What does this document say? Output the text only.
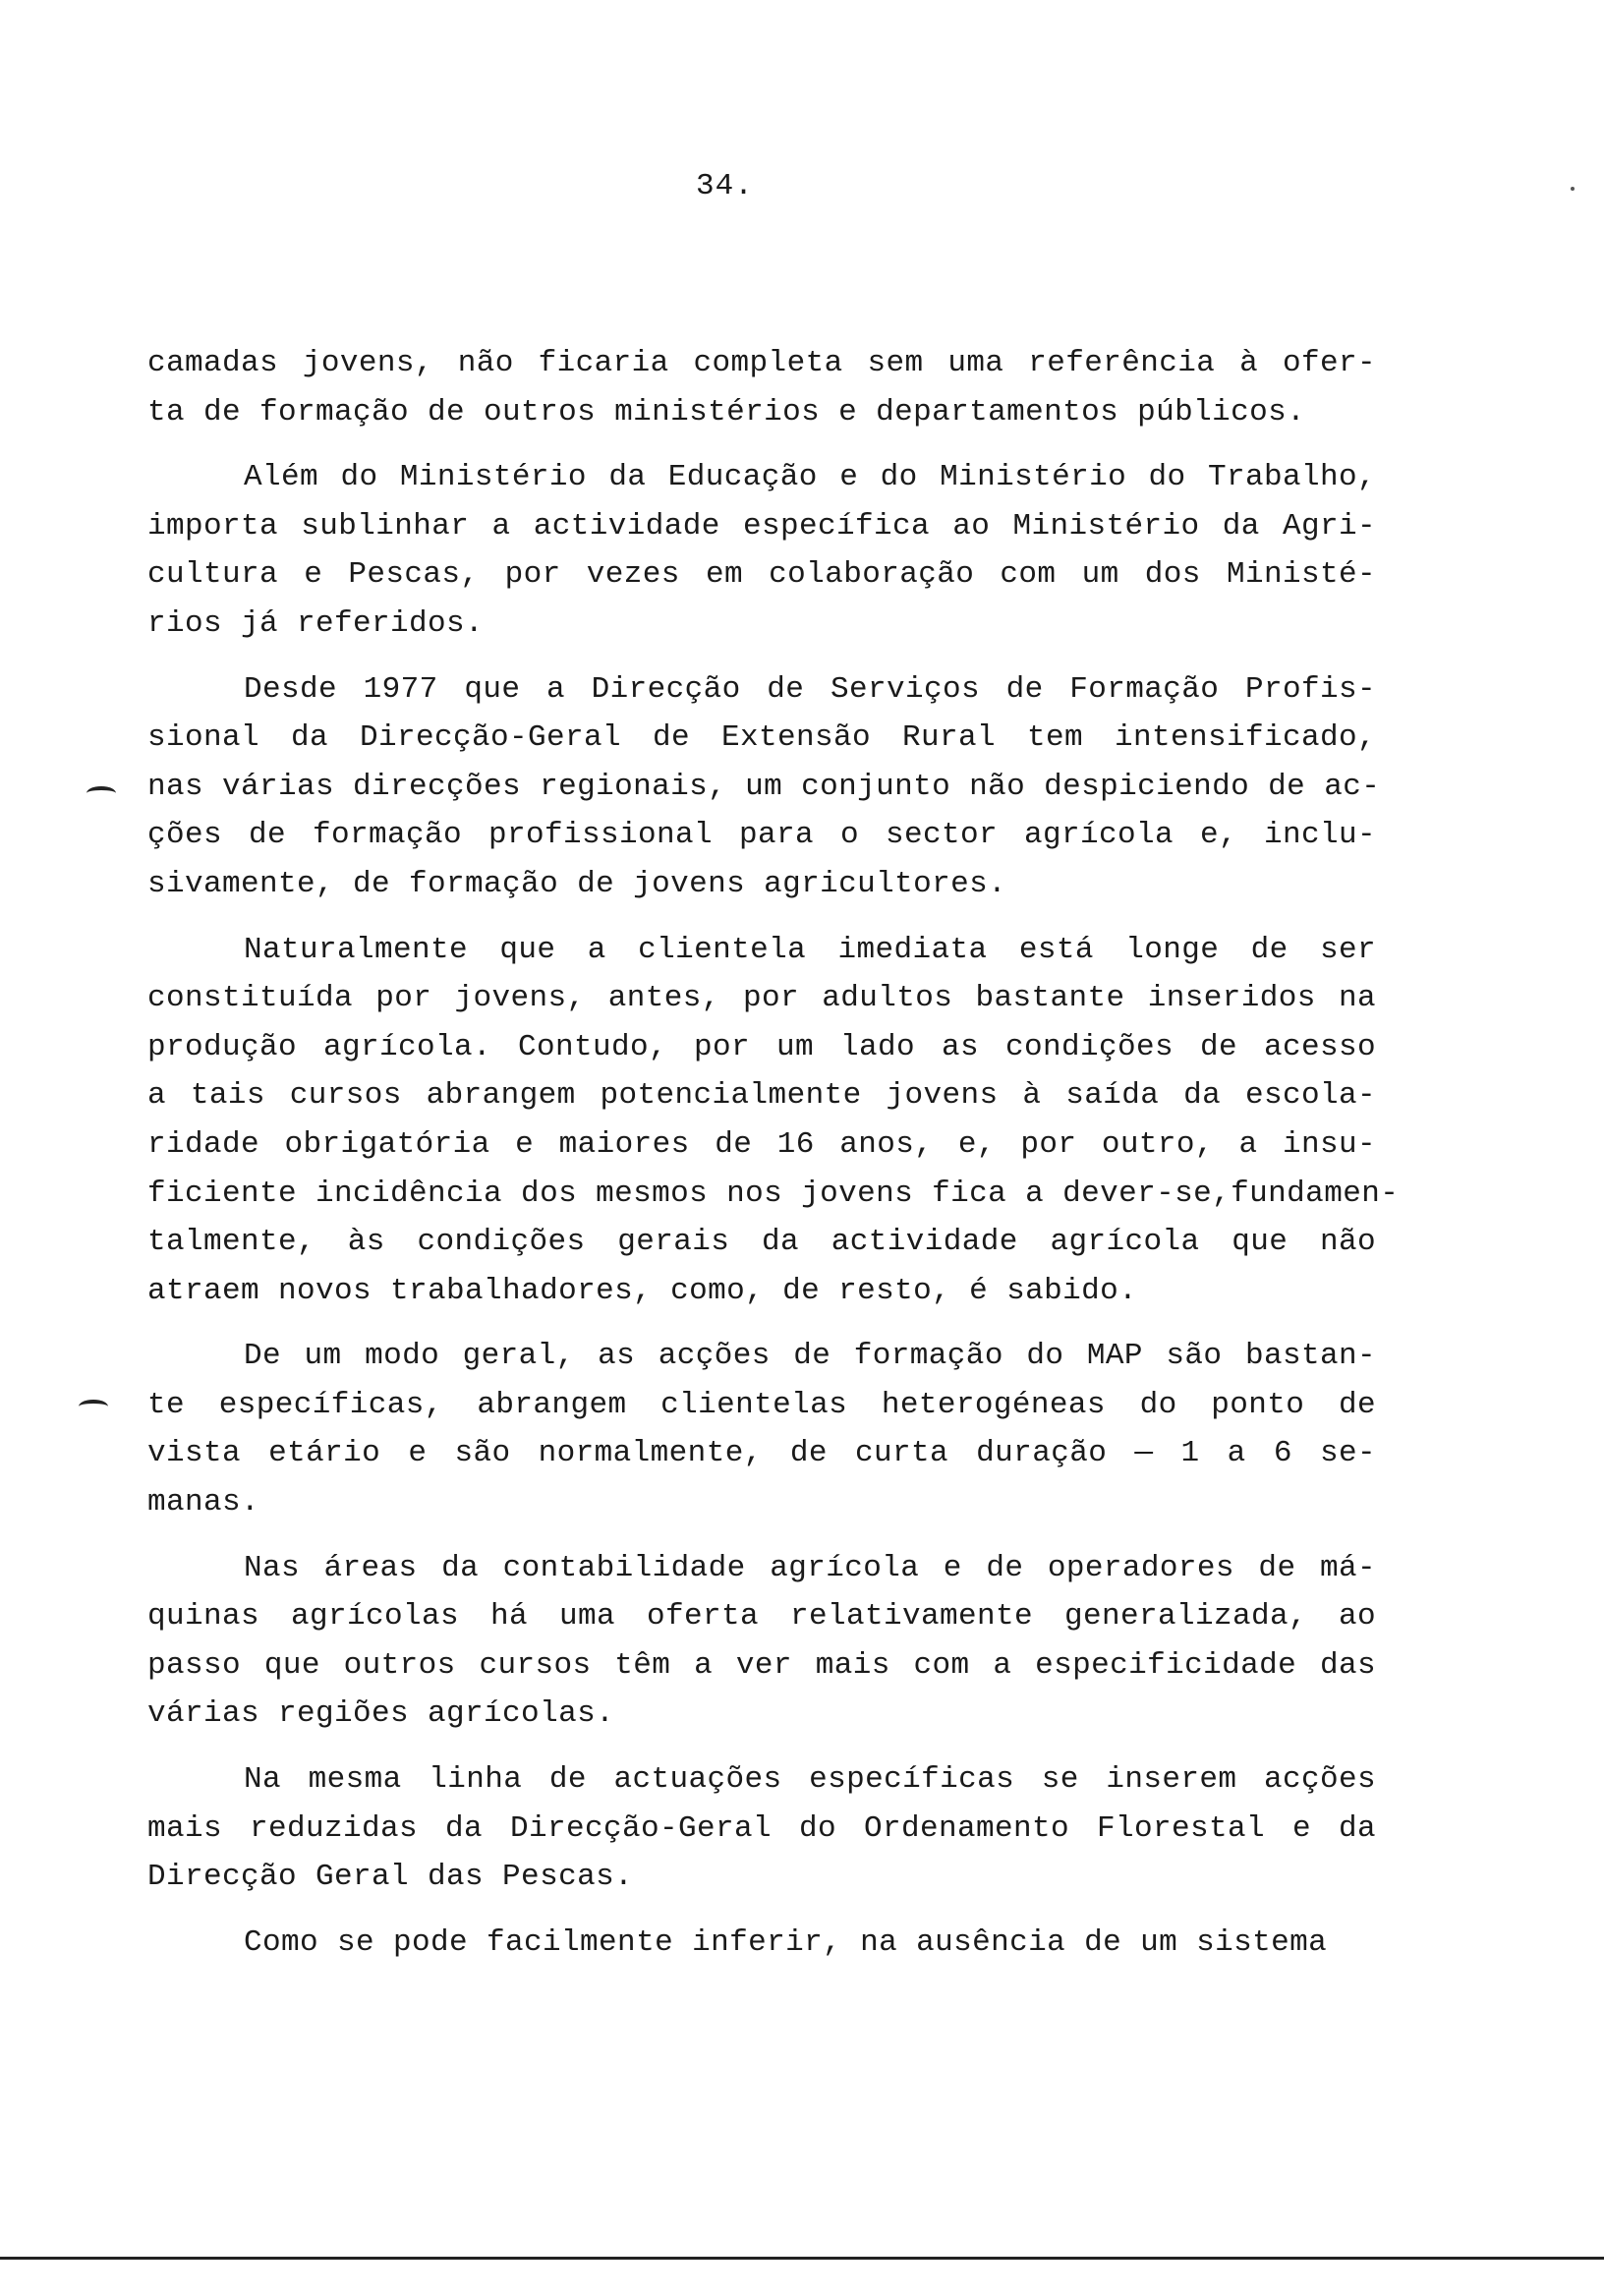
34.
camadas jovens, não ficaria completa sem uma referência à ofer-
ta de formação de outros ministérios e departamentos públicos.
Além do Ministério da Educação e do Ministério do Trabalho,
importa sublinhar a actividade específica ao Ministério da Agri-
cultura e Pescas, por vezes em colaboração com um dos Ministé-
rios já referidos.
Desde 1977 que a Direcção de Serviços de Formação Profis-
sional da Direcção-Geral de Extensão Rural tem intensificado,
nas várias direcções regionais, um conjunto não despiciendo de ac-
ções de formação profissional para o sector agrícola e, inclu-
sivamente, de formação de jovens agricultores.
Naturalmente que a clientela imediata está longe de ser
constituída por jovens, antes, por adultos bastante inseridos na
produção agrícola. Contudo, por um lado as condições de acesso
a tais cursos abrangem potencialmente jovens à saída da escola-
ridade obrigatória e maiores de 16 anos, e, por outro, a insu-
ficiente incidência dos mesmos nos jovens fica a dever-se,fundamen-
talmente, às condições gerais da actividade agrícola que não
atraem novos trabalhadores, como, de resto, é sabido.
De um modo geral, as acções de formação do MAP são bastan-
te específicas, abrangem clientelas heterogéneas do ponto de
vista etário e são normalmente, de curta duração — 1 a 6 se-
manas.
Nas áreas da contabilidade agrícola e de operadores de má-
quinas agrícolas há uma oferta relativamente generalizada, ao
passo que outros cursos têm a ver mais com a especificidade das
várias regiões agrícolas.
Na mesma linha de actuações específicas se inserem acções
mais reduzidas da Direcção-Geral do Ordenamento Florestal e da
Direcção Geral das Pescas.
Como se pode facilmente inferir, na ausência de um sistema
